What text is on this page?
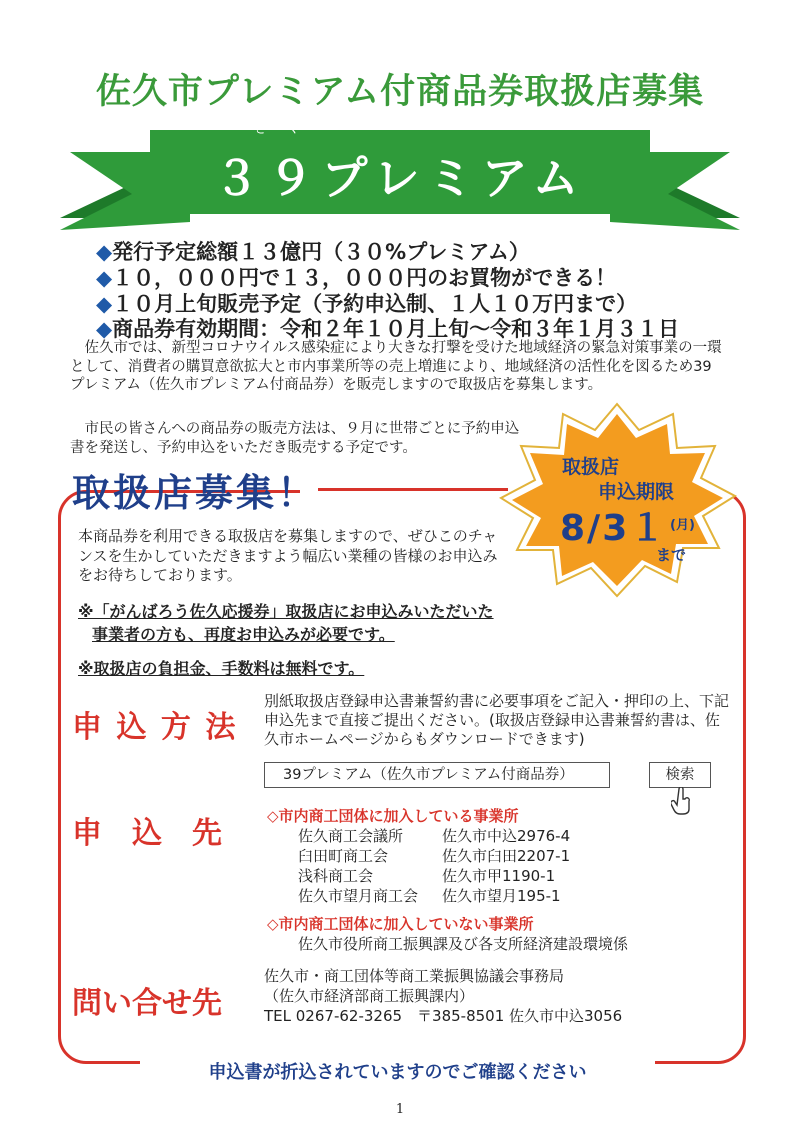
佐久市プレミアム付商品券取扱店募集
さく
３９プレミアム
◆発行予定総額１３億円（３０%プレミアム）
◆１０，０００円で１３，０００円のお買物ができる！
◆１０月上旬販売予定（予約申込制、１人１０万円まで）
◆商品券有効期間：令和２年１０月上旬～令和３年１月３１日
佐久市では、新型コロナウイルス感染症により大きな打撃を受けた地域経済の緊急対策事業の一環として、消費者の購買意欲拡大と市内事業所等の売上増進により、地域経済の活性化を図るため39プレミアム（佐久市プレミアム付商品券）を販売しますので取扱店を募集します。
市民の皆さんへの商品券の販売方法は、９月に世帯ごとに予約申込書を発送し、予約申込をいただき販売する予定です。
取扱店募集！
取扱店
申込期限
8/3１ (月)
まで
本商品券を利用できる取扱店を募集しますので、ぜひこのチャンスを生かしていただきますよう幅広い業種の皆様のお申込みをお待ちしております。
※「がんばろう佐久応援券」取扱店にお申込みいただいた
事業者の方も、再度お申込みが必要です。
※取扱店の負担金、手数料は無料です。
申 込 方 法
別紙取扱店登録申込書兼誓約書に必要事項をご記入・押印の上、下記申込先まで直接ご提出ください。(取扱店登録申込書兼誓約書は、佐久市ホームページからもダウンロードできます)
39プレミアム（佐久市プレミアム付商品券）	検索
申　込　先	◇市内商工団体に加入している事業所
佐久商工会議所	佐久市中込2976-4
臼田町商工会	佐久市臼田2207-1
浅科商工会	佐久市甲1190-1
佐久市望月商工会 佐久市望月195-1
◇市内商工団体に加入していない事業所
佐久市役所商工振興課及び各支所経済建設環境係
問い合せ先
佐久市・商工団体等商工業振興協議会事務局
（佐久市経済部商工振興課内）
TEL 0267-62-3265　〒385-8501 佐久市中込3056
申込書が折込されていますのでご確認ください
1
